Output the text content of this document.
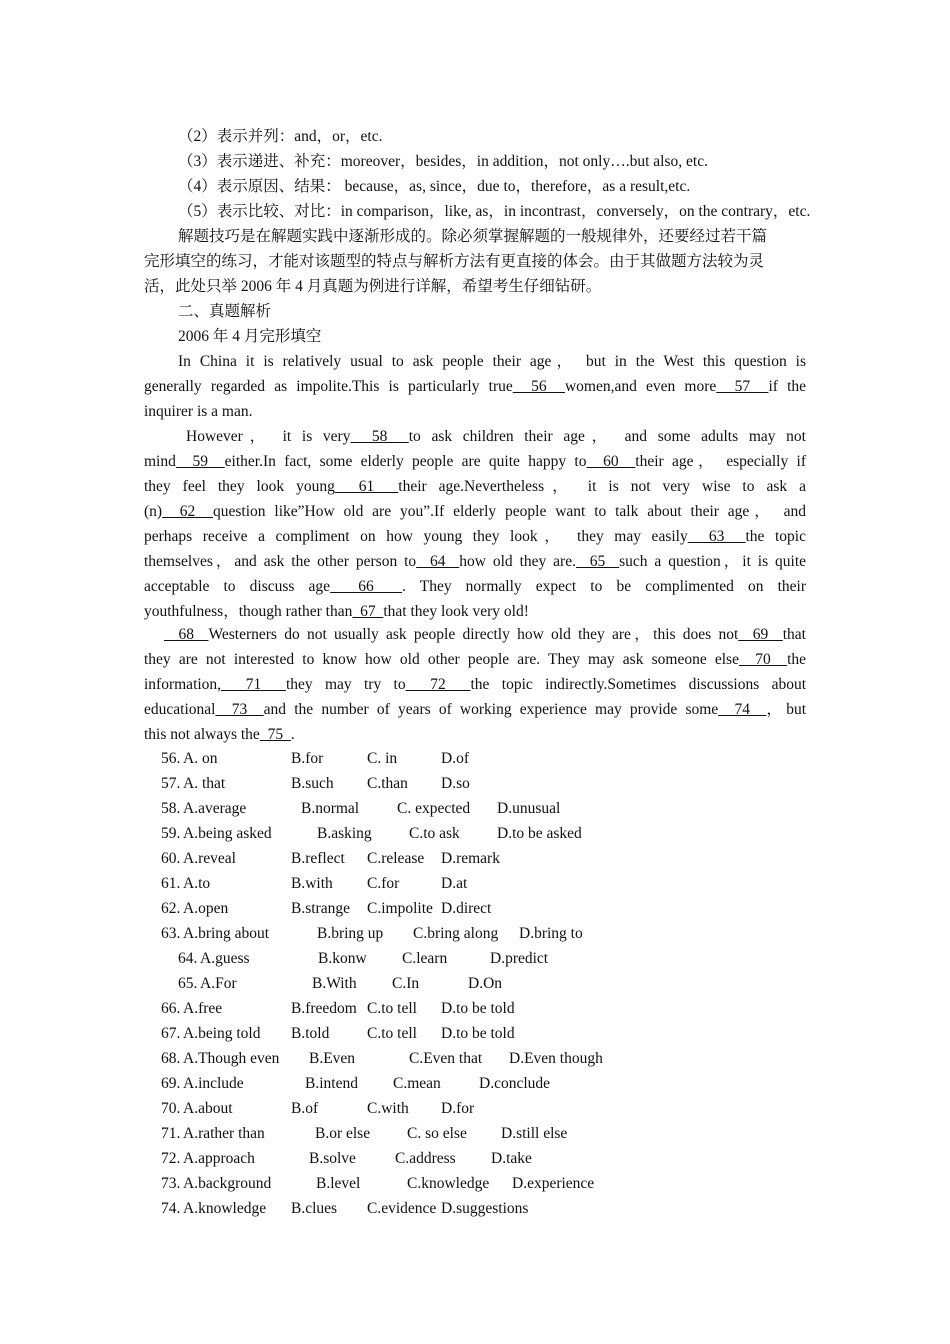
（2）表示并列：and，or，etc.
（3）表示递进、补充：moreover，besides，in addition，not only….but also, etc.
（4）表示原因、结果： because，as, since，due to，therefore，as a result,etc.
（5）表示比较、对比：in comparison，like, as，in incontrast，conversely，on the contrary，etc.
解题技巧是在解题实践中逐渐形成的。除必须掌握解题的一般规律外，还要经过若干篇
完形填空的练习，才能对该题型的特点与解析方法有更直接的体会。由于其做题方法较为灵
活，此处只举 2006 年 4 月真题为例进行详解，希望考生仔细钻研。
二、真题解析
2006 年 4 月完形填空
In China it is relatively usual to ask people their age， but in the West this question is
generally regarded as impolite.This is particularly true  56  women,and even more  57  if the
inquirer is a man.
However， it is very  58  to ask children their age， and some adults may not
mind  59  either.In fact, some elderly people are quite happy to  60  their age， especially if
they feel they look young  61  their age.Nevertheless， it is not very wise to ask a
(n)  62  question like”How old are you”.If elderly people want to talk about their age， and
perhaps receive a compliment on how young they look， they may easily  63  the topic
themselves，and ask the other person to  64  how old they are.  65  such a question，it is quite
acceptable to discuss age  66  . They normally expect to be complimented on their
youthfulness，though rather than  67  that they look very old!
68  Westerners do not usually ask people directly how old they are，this does not  69  that
they are not interested to know how old other people are. They may ask someone else  70  the
information,  71  they may try to  72  the topic indirectly.Sometimes discussions about
educational  73  and the number of years of working experience may provide some  74  ，but
this not always the  75  .
56. A. on	B.for	C. in	D.of
57. A. that	B.such C.than D.so
58. A.average	B.normal C. expected D.unusual
59. A.being asked	B.asking C.to ask D.to be asked
60. A.reveal	B.reflect C.release D.remark
61. A.to	B.with C.for	D.at
62. A.open	B.strange C.impolite D.direct
63. A.bring about	B.bring up C.bring along D.bring to
64. A.guess	B.konw C.learn	D.predict
65. A.For	B.With C.In	D.On
66. A.free	B.freedom C.to tell D.to be told
67. A.being told B.told C.to tell D.to be told
68. A.Though even B.Even	C.Even that D.Even though
69. A.include	B.intend C.mean D.conclude
70. A.about	B.of	C.with D.for
71. A.rather than	B.or else C. so else D.still else
72. A.approach	B.solve	C.address D.take
73. A.background	B.level	C.knowledge D.experience
74. A.knowledge B.clues C.evidence D.suggestions
